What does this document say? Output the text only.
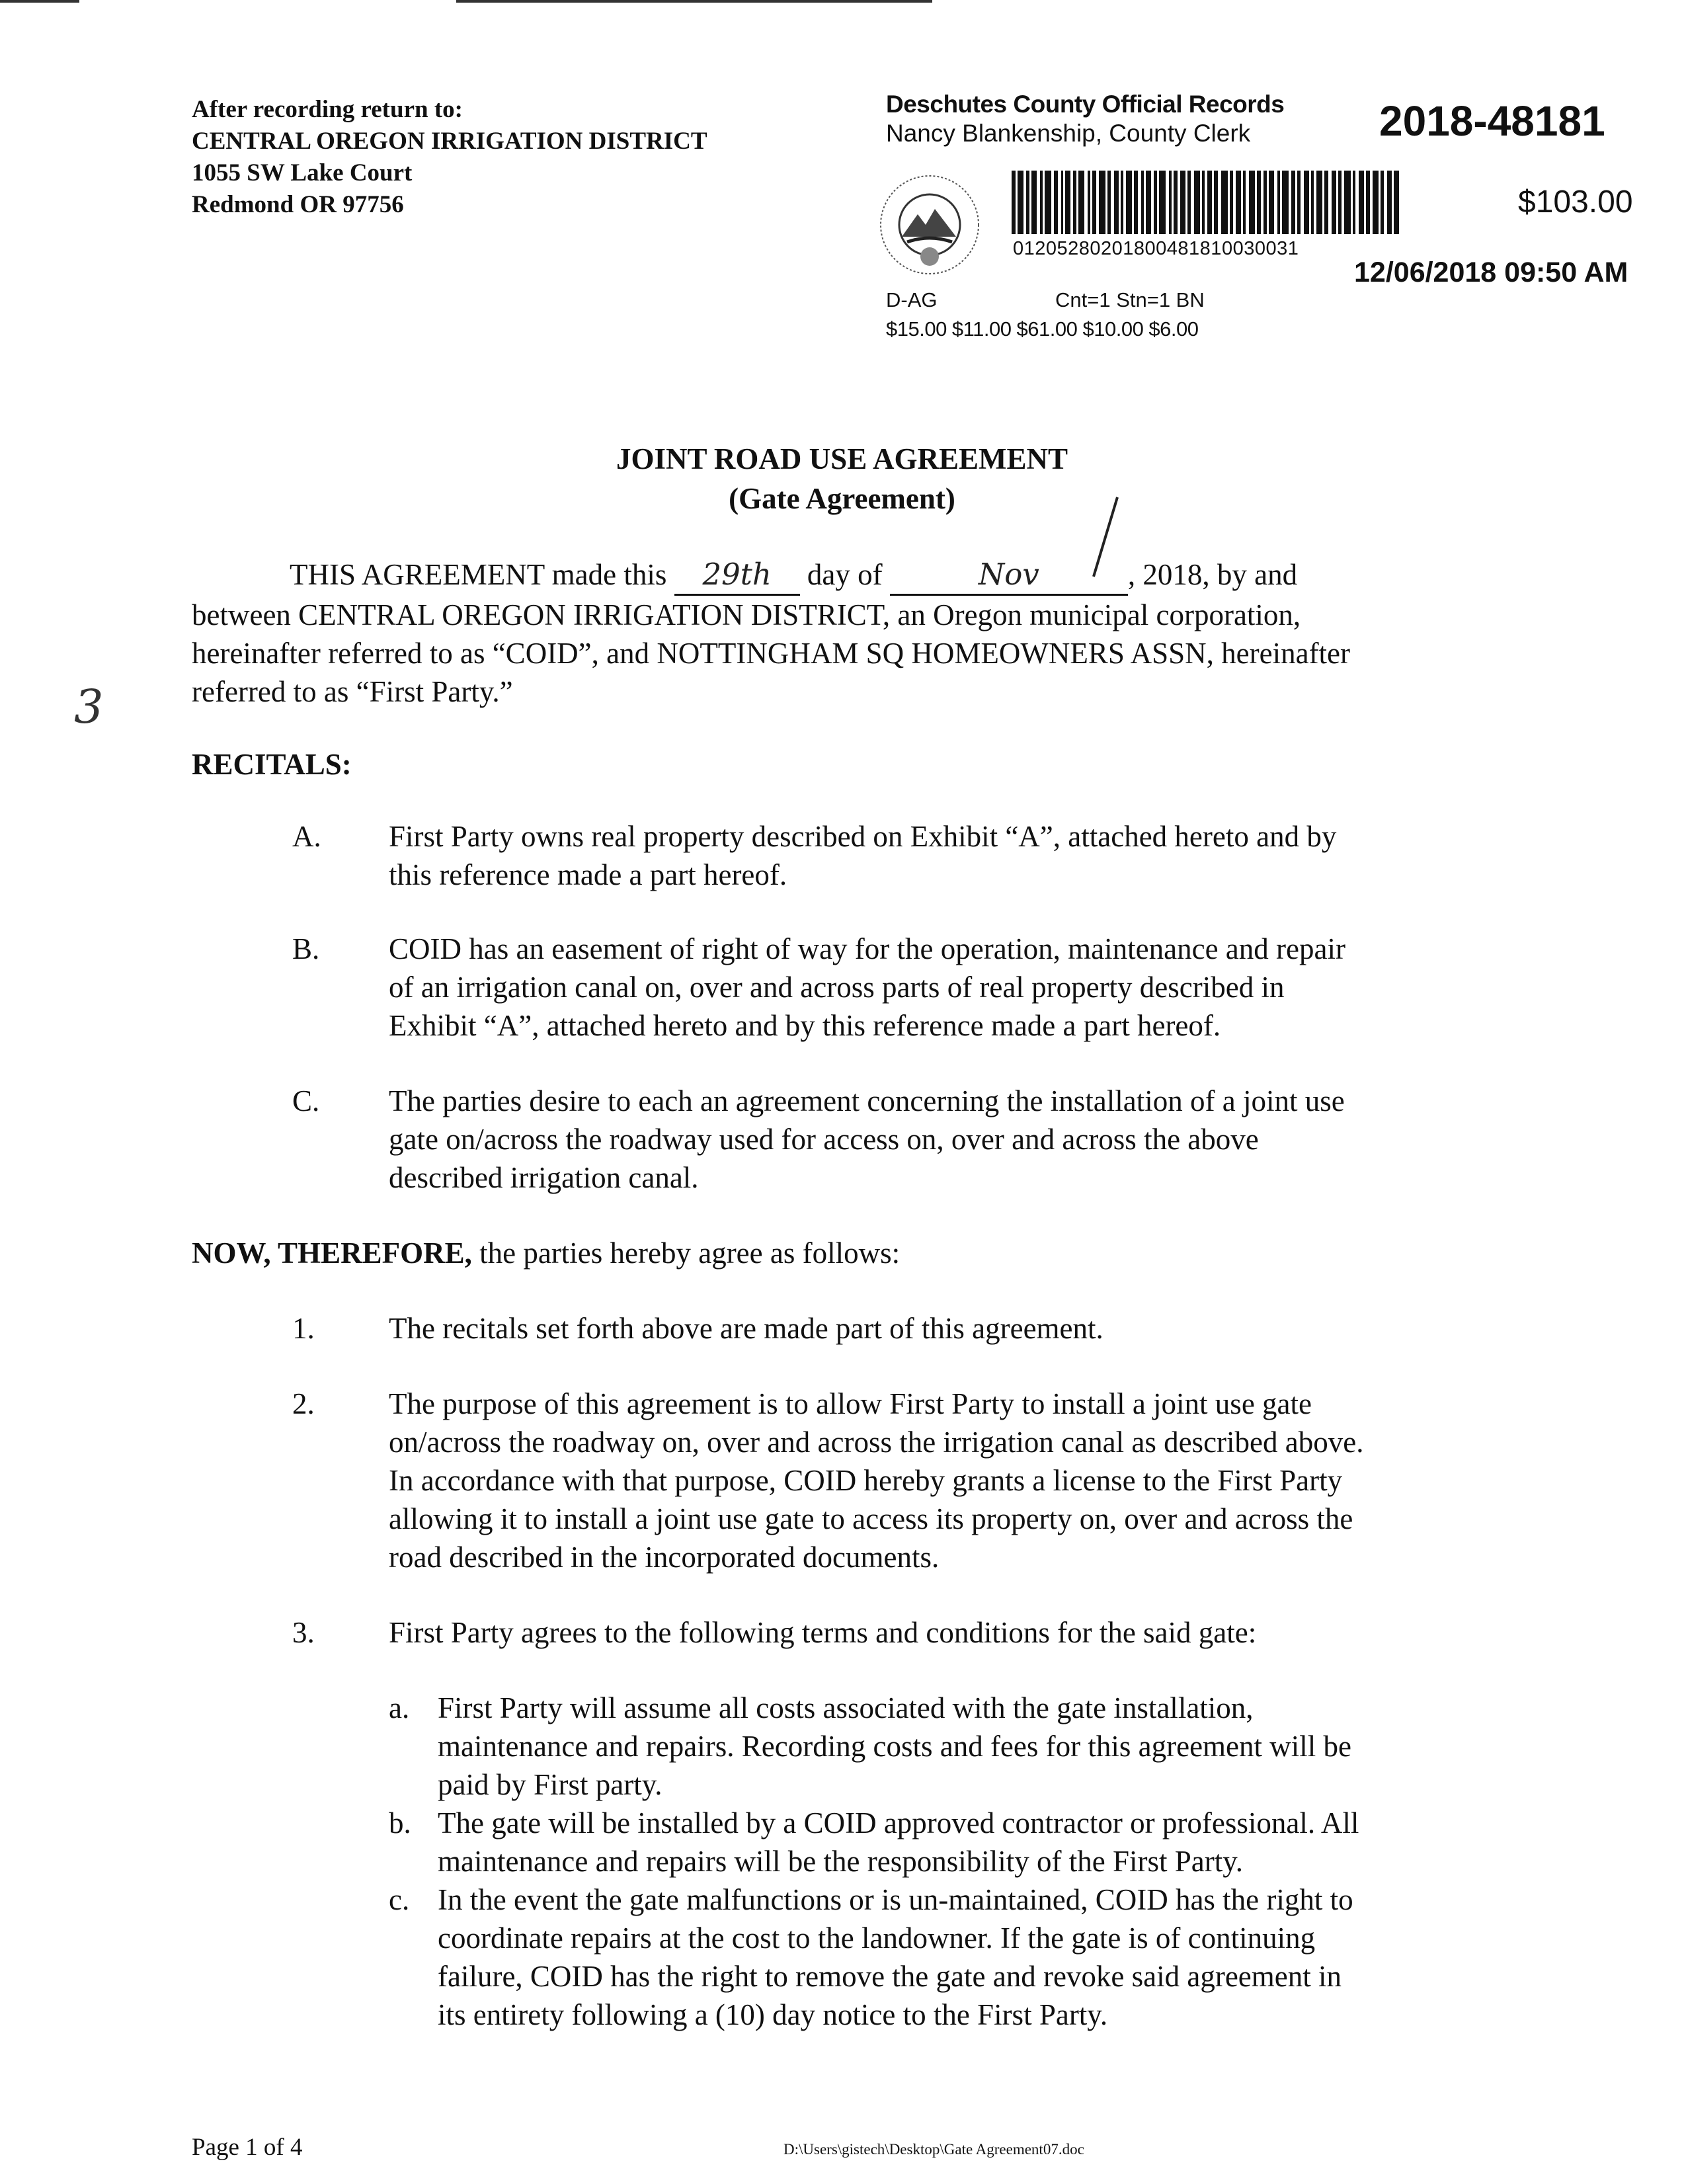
After recording return to:
CENTRAL OREGON IRRIGATION DISTRICT
1055 SW Lake Court
Redmond OR 97756
Deschutes County Official Records
Nancy Blankenship, County Clerk	2018-48181
01205280201800481810030031
$103.00
12/06/2018 09:50 AM
D-AG	Cnt=1 Stn=1 BN
$15.00 $11.00 $61.00 $10.00 $6.00
JOINT ROAD USE AGREEMENT
(Gate Agreement)
THIS AGREEMENT made this 29th day of	Nov	, 2018, by and
between CENTRAL OREGON IRRIGATION DISTRICT, an Oregon municipal corporation,
hereinafter referred to as “COID”, and NOTTINGHAM SQ HOMEOWNERS ASSN, hereinafter
referred to as “First Party.”
3
RECITALS:
A. First Party owns real property described on Exhibit “A”, attached hereto and by
this reference made a part hereof.
B. COID has an easement of right of way for the operation, maintenance and repair
of an irrigation canal on, over and across parts of real property described in
Exhibit “A”, attached hereto and by this reference made a part hereof.
C. The parties desire to each an agreement concerning the installation of a joint use
gate on/across the roadway used for access on, over and across the above
described irrigation canal.
NOW, THEREFORE, the parties hereby agree as follows:
1. The recitals set forth above are made part of this agreement.
2. The purpose of this agreement is to allow First Party to install a joint use gate
on/across the roadway on, over and across the irrigation canal as described above.
In accordance with that purpose, COID hereby grants a license to the First Party
allowing it to install a joint use gate to access its property on, over and across the
road described in the incorporated documents.
3. First Party agrees to the following terms and conditions for the said gate:
a. First Party will assume all costs associated with the gate installation,
maintenance and repairs. Recording costs and fees for this agreement will be
paid by First party.
b. The gate will be installed by a COID approved contractor or professional. All
maintenance and repairs will be the responsibility of the First Party.
c. In the event the gate malfunctions or is un-maintained, COID has the right to
coordinate repairs at the cost to the landowner. If the gate is of continuing
failure, COID has the right to remove the gate and revoke said agreement in
its entirety following a (10) day notice to the First Party.
Page 1 of 4	D:\Users\gistech\Desktop\Gate Agreement07.doc
